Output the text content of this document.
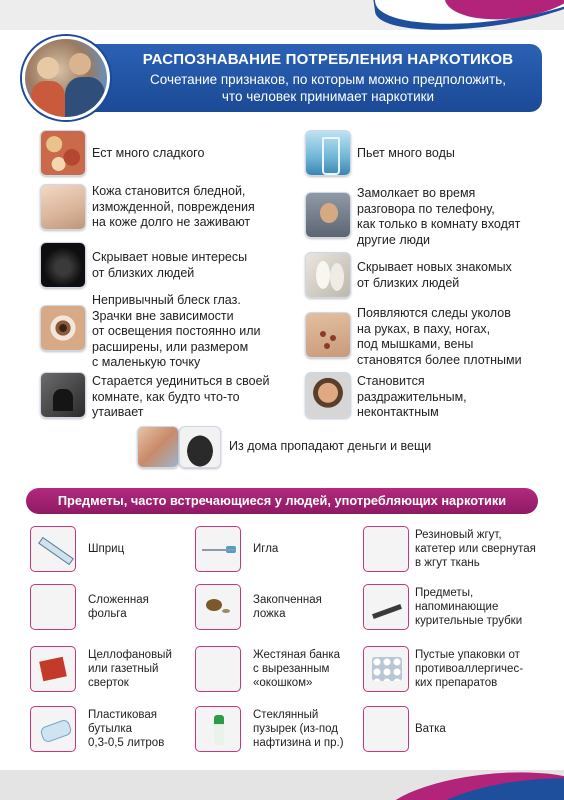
РАСПОЗНАВАНИЕ ПОТРЕБЛЕНИЯ НАРКОТИКОВ
Сочетание признаков, по которым можно предположить,
что человек принимает наркотики
Ест много сладкого
Кожа становится бледной,
изможденной, повреждения
на коже долго не заживают
Скрывает новые интересы
от близких людей
Непривычный блеск глаз.
Зрачки вне зависимости
от освещения постоянно или
расширены, или размером
с маленькую точку
Старается уединиться в своей
комнате, как будто что-то
утаивает
Пьет много воды
Замолкает во время
разговора по телефону,
как только в комнату входят
другие люди
Скрывает новых знакомых
от близких людей
Появляются следы уколов
на руках, в паху, ногах,
под мышками, вены
становятся более плотными
Становится
раздражительным,
неконтактным
Из дома пропадают деньги и вещи
Предметы, часто встречающиеся у людей, употребляющих наркотики
Шприц
Сложенная
фольга
Целлофановый
или газетный
сверток
Пластиковая
бутылка
0,3-0,5 литров
Игла
Закопченная
ложка
Жестяная банка
с вырезанным
«окошком»
Стеклянный
пузырек (из-под
нафтизина и пр.)
Резиновый жгут,
катетер или свернутая
в жгут ткань
Предметы,
напоминающие
курительные трубки
Пустые упаковки от
противоаллергичес-
ких препаратов
Ватка
